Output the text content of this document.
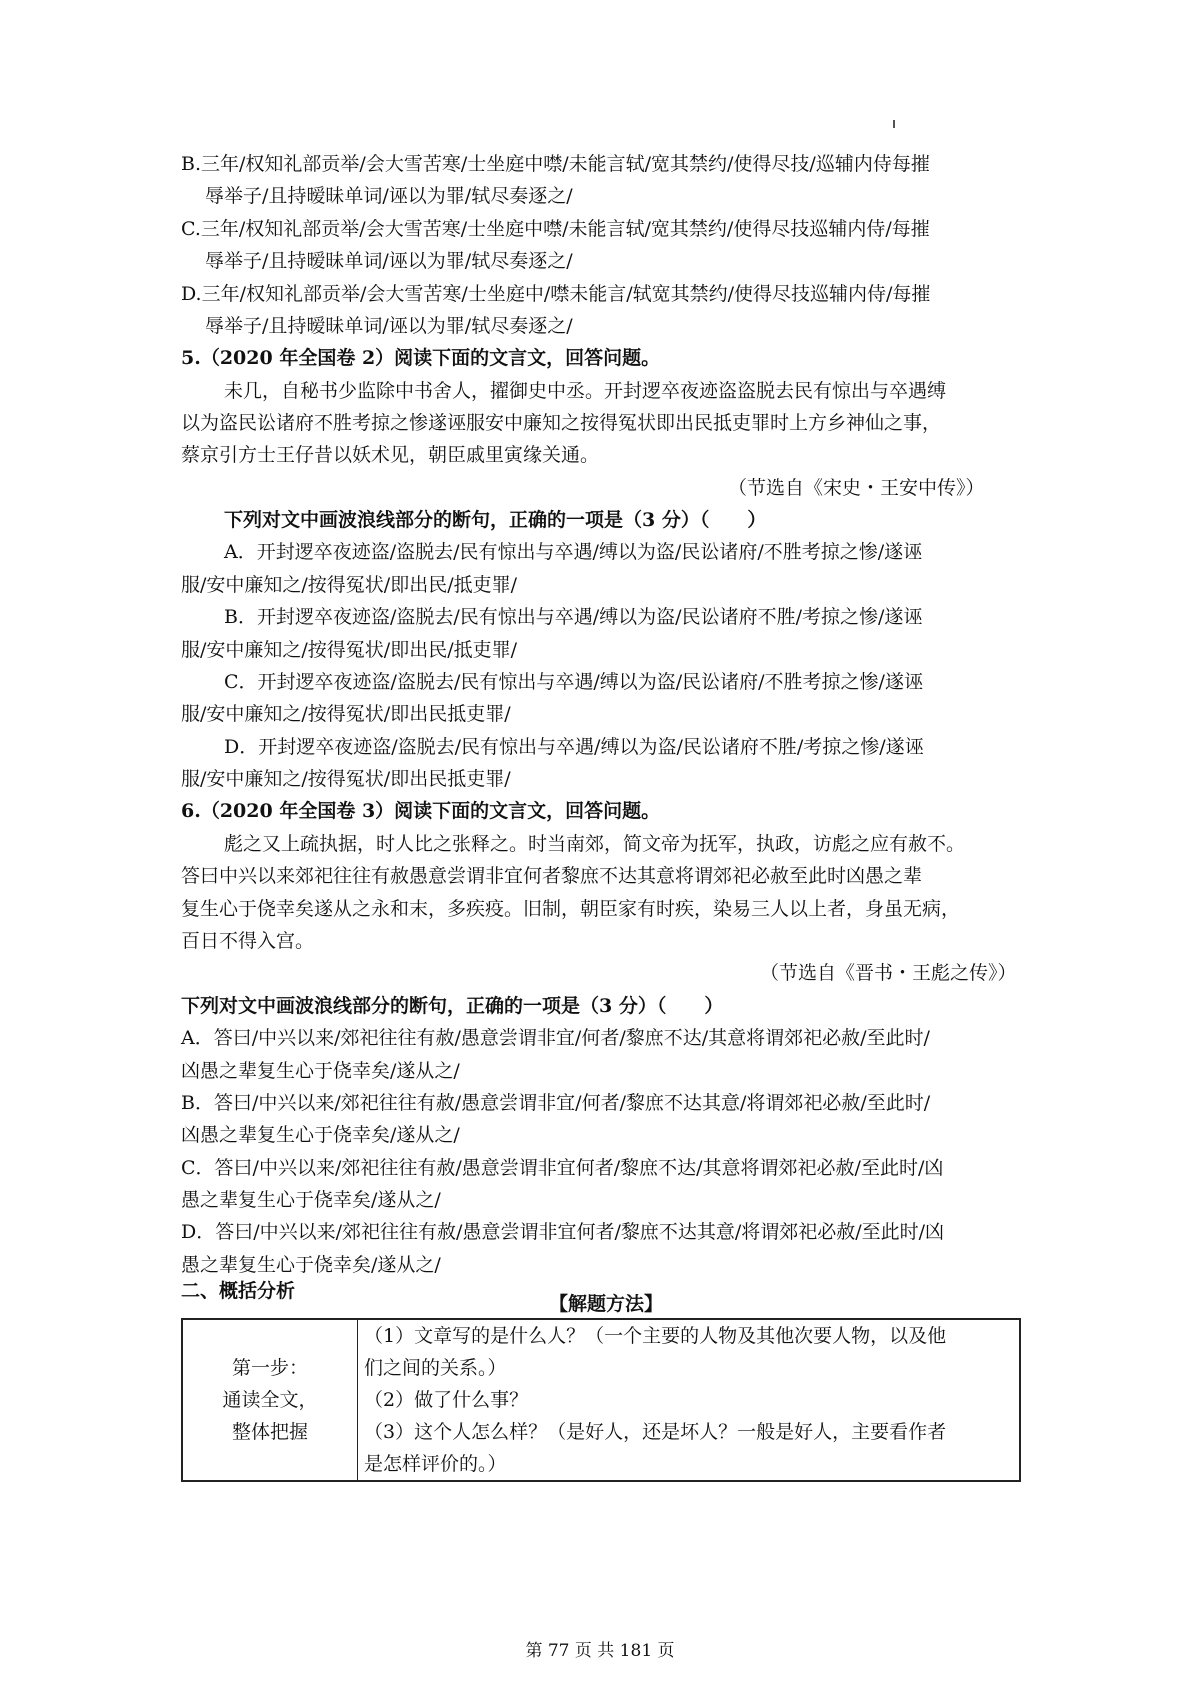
B.三年/权知礼部贡举/会大雪苦寒/士坐庭中噤/未能言轼/宽其禁约/使得尽技/巡辅内侍每摧
辱举子/且持暧昧单词/诬以为罪/轼尽奏逐之/
C.三年/权知礼部贡举/会大雪苦寒/士坐庭中噤/未能言轼/宽其禁约/使得尽技巡辅内侍/每摧
辱举子/且持暧昧单词/诬以为罪/轼尽奏逐之/
D.三年/权知礼部贡举/会大雪苦寒/士坐庭中/噤未能言/轼宽其禁约/使得尽技巡辅内侍/每摧
辱举子/且持暧昧单词/诬以为罪/轼尽奏逐之/
5.（2020 年全国卷 2）阅读下面的文言文，回答问题。
未几，自秘书少监除中书舍人，擢御史中丞。开封逻卒夜迹盗盗脱去民有惊出与卒遇缚
以为盗民讼诸府不胜考掠之惨遂诬服安中廉知之按得冤状即出民抵吏罪时上方乡神仙之事，
蔡京引方士王仔昔以妖术见，朝臣戚里寅缘关通。
（节选自《宋史・王安中传》）
下列对文中画波浪线部分的断句，正确的一项是（3 分）（　　）
A．开封逻卒夜迹盗/盗脱去/民有惊出与卒遇/缚以为盗/民讼诸府/不胜考掠之惨/遂诬
服/安中廉知之/按得冤状/即出民/抵吏罪/
B．开封逻卒夜迹盗/盗脱去/民有惊出与卒遇/缚以为盗/民讼诸府不胜/考掠之惨/遂诬
服/安中廉知之/按得冤状/即出民/抵吏罪/
C．开封逻卒夜迹盗/盗脱去/民有惊出与卒遇/缚以为盗/民讼诸府/不胜考掠之惨/遂诬
服/安中廉知之/按得冤状/即出民抵吏罪/
D．开封逻卒夜迹盗/盗脱去/民有惊出与卒遇/缚以为盗/民讼诸府不胜/考掠之惨/遂诬
服/安中廉知之/按得冤状/即出民抵吏罪/
6.（2020 年全国卷 3）阅读下面的文言文，回答问题。
彪之又上疏执据，时人比之张释之。时当南郊，简文帝为抚军，执政，访彪之应有赦不。
答曰中兴以来郊祀往往有赦愚意尝谓非宜何者黎庶不达其意将谓郊祀必赦至此时凶愚之辈
复生心于侥幸矣遂从之永和末，多疾疫。旧制，朝臣家有时疾，染易三人以上者，身虽无病，
百日不得入宫。
（节选自《晋书・王彪之传》）
下列对文中画波浪线部分的断句，正确的一项是（3 分）（　　）
A．答曰/中兴以来/郊祀往往有赦/愚意尝谓非宜/何者/黎庶不达/其意将谓郊祀必赦/至此时/
凶愚之辈复生心于侥幸矣/遂从之/
B．答曰/中兴以来/郊祀往往有赦/愚意尝谓非宜/何者/黎庶不达其意/将谓郊祀必赦/至此时/
凶愚之辈复生心于侥幸矣/遂从之/
C．答曰/中兴以来/郊祀往往有赦/愚意尝谓非宜何者/黎庶不达/其意将谓郊祀必赦/至此时/凶
愚之辈复生心于侥幸矣/遂从之/
D．答曰/中兴以来/郊祀往往有赦/愚意尝谓非宜何者/黎庶不达其意/将谓郊祀必赦/至此时/凶
愚之辈复生心于侥幸矣/遂从之/
二、概括分析
【解题方法】
第一步：
通读全文，
整体把握

（1）文章写的是什么人？（一个主要的人物及其他次要人物，以及他
们之间的关系。）
（2）做了什么事？
（3）这个人怎么样？（是好人，还是坏人？一般是好人，主要看作者
是怎样评价的。）
第 77 页 共 181 页
